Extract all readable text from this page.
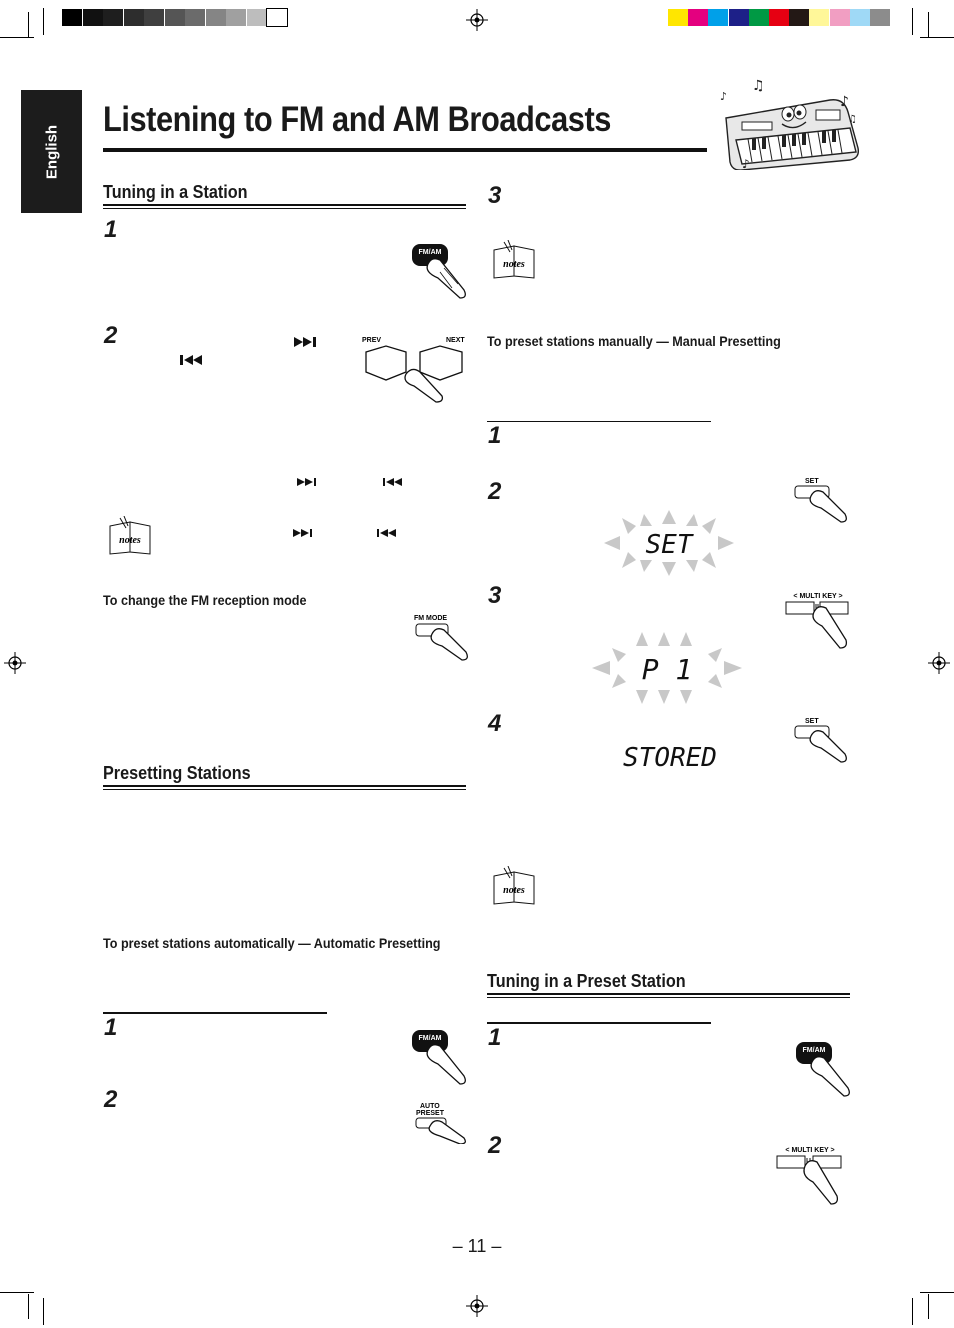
English
Listening to FM and AM Broadcasts
♫
♪
♪
♪
♫
Tuning in a Station
1
FM/AM
2	PREV	NEXT
notes
To change the FM reception mode
FM MODE
Presetting Stations
To preset stations automatically — Automatic Presetting
1	FM/AM
2	AUTO
PRESET
3
notes
To preset stations manually — Manual Presetting
1
2	SET
SET
3	< MULTI KEY >
P 1
4	SET
STORED
notes
Tuning in a Preset Station
1	FM/AM
2	< MULTI KEY >
– 11 –
